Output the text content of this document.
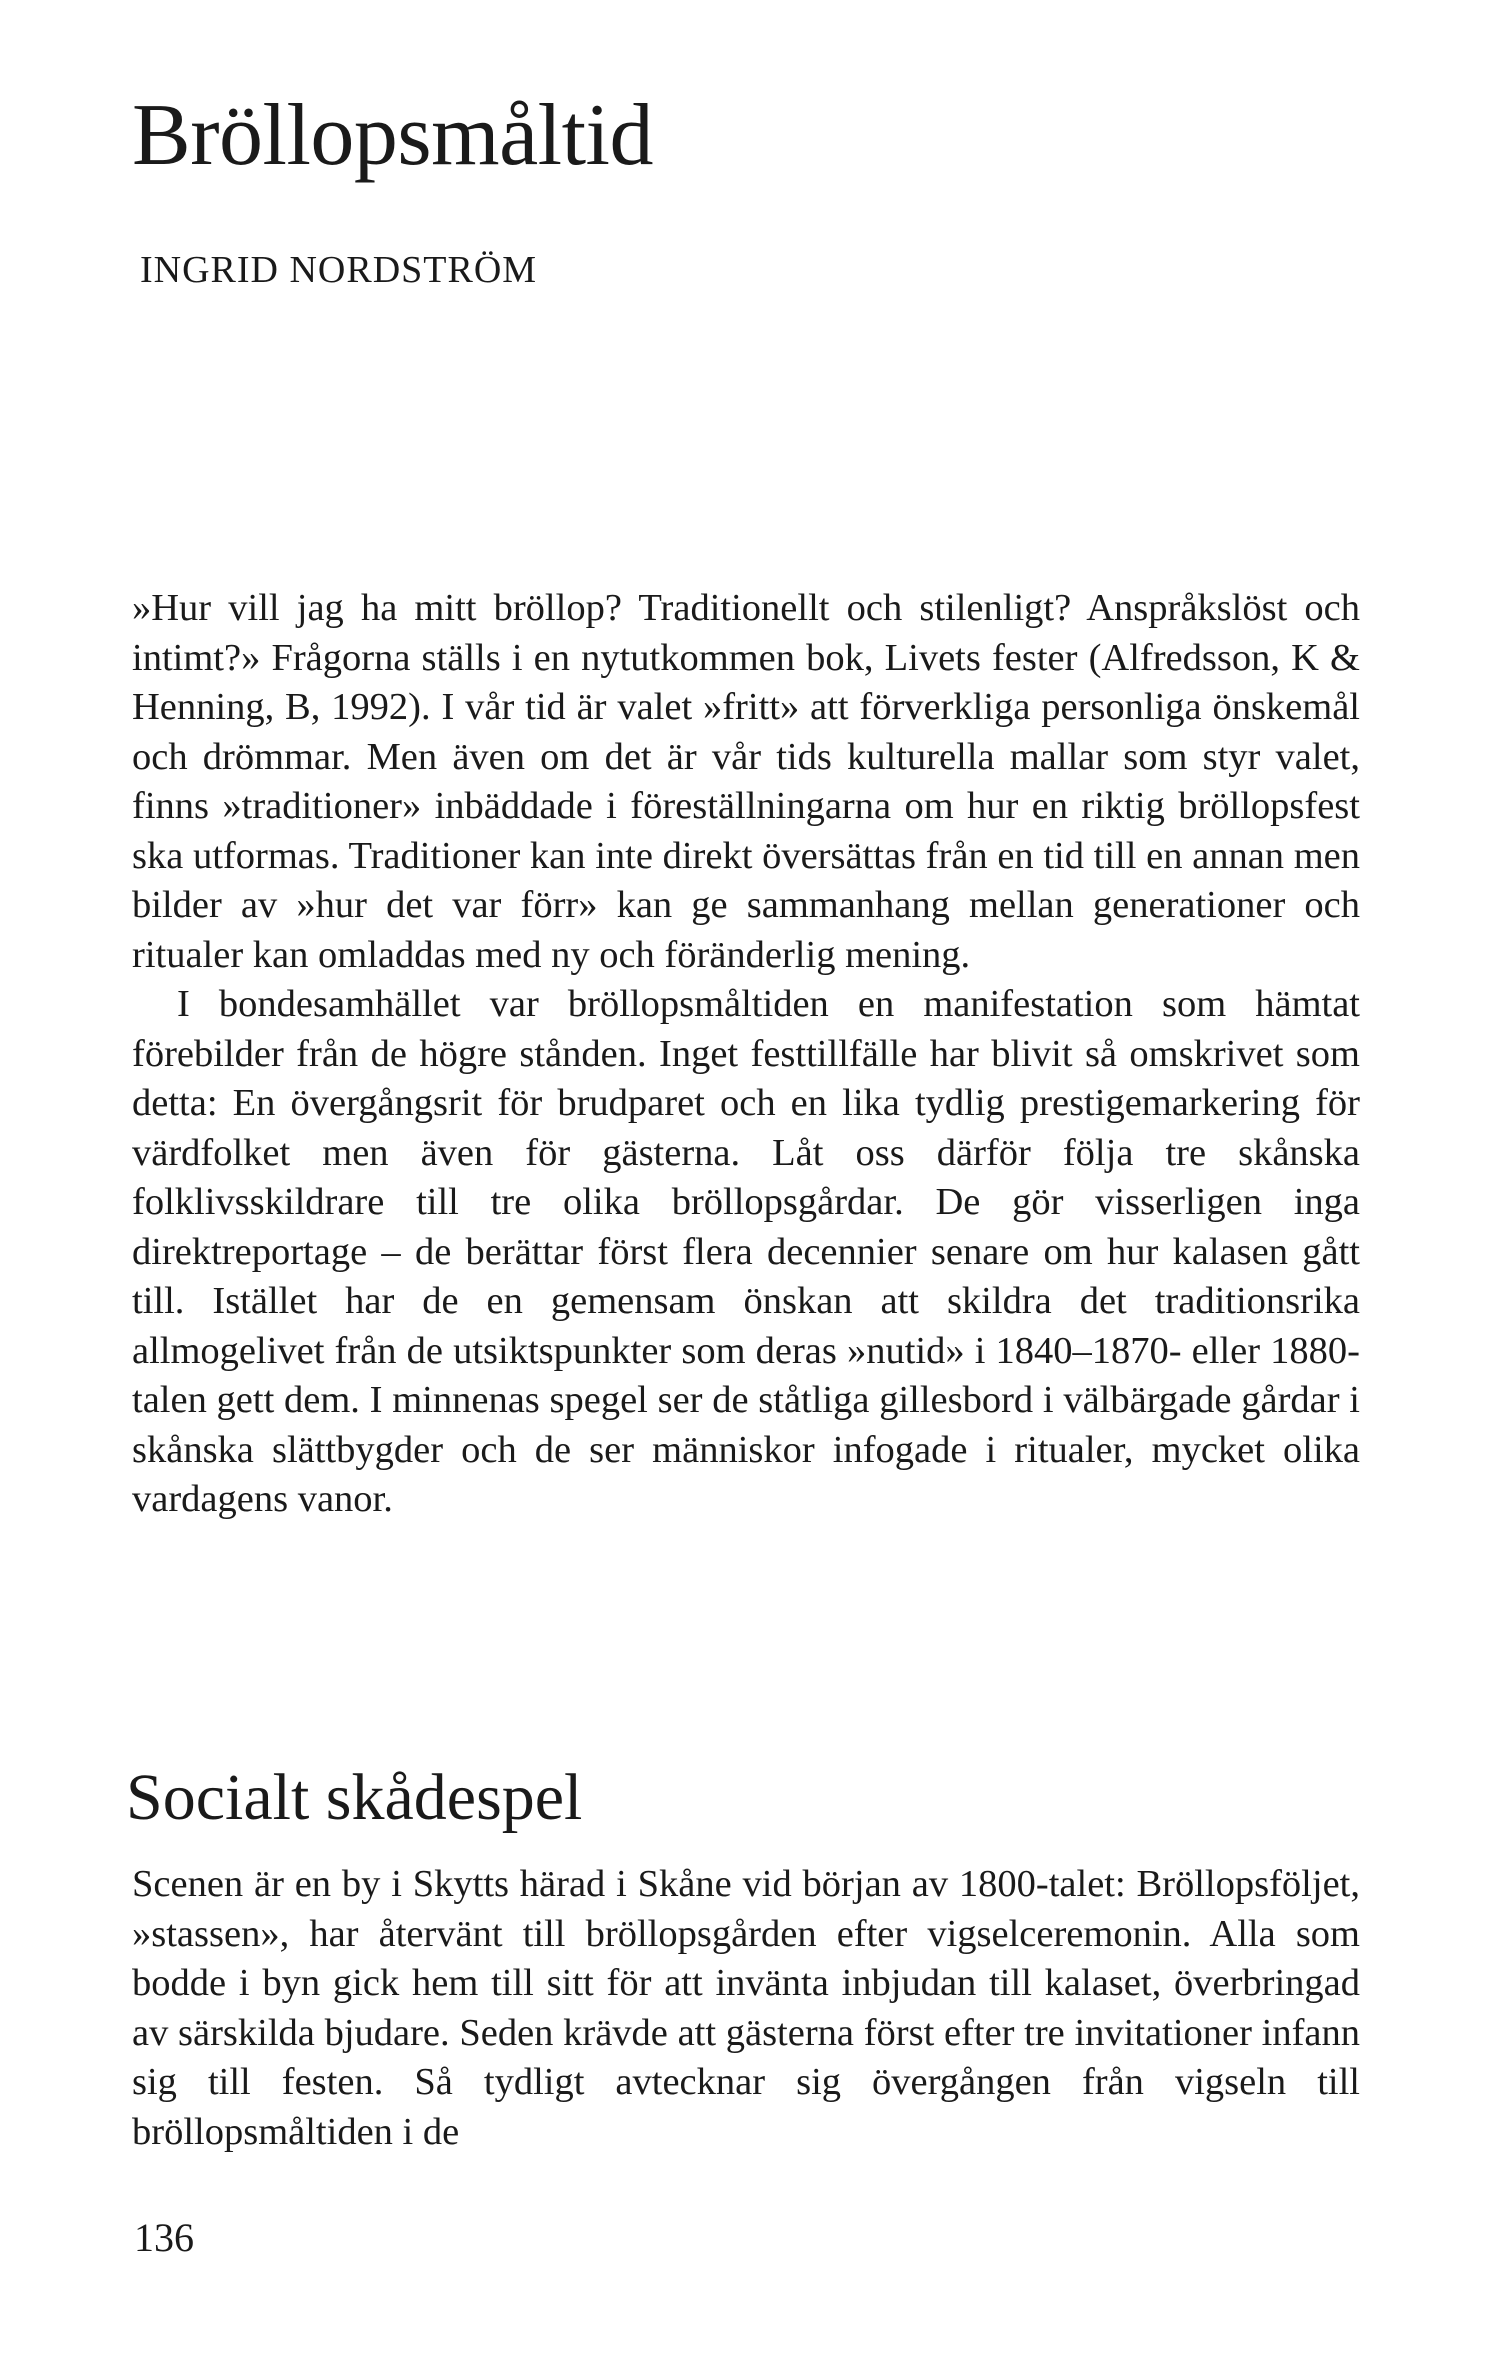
Bröllopsmåltid
INGRID NORDSTRÖM

»Hur vill jag ha mitt bröllop? Traditionellt och stilenligt? Anspråkslöst och intimt?» Frågorna ställs i en nytutkommen bok, Livets fester (Alfredsson, K & Henning, B, 1992). I vår tid är valet »fritt» att förverkliga personliga önskemål och drömmar. Men även om det är vår tids kulturella mallar som styr valet, finns »traditioner» inbäddade i föreställningarna om hur en riktig bröllopsfest ska utformas. Traditioner kan inte direkt översättas från en tid till en annan men bilder av »hur det var förr» kan ge sammanhang mellan generationer och ritualer kan omladdas med ny och föränderlig mening.

I bondesamhället var bröllopsmåltiden en manifestation som hämtat förebilder från de högre stånden. Inget festtillfälle har blivit så omskrivet som detta: En övergångsrit för brudparet och en lika tydlig prestigemarkering för värdfolket men även för gästerna. Låt oss därför följa tre skånska folklivsskildrare till tre olika bröllopsgårdar. De gör visserligen inga direktreportage – de berättar först flera decennier senare om hur kalasen gått till. Istället har de en gemensam önskan att skildra det traditionsrika allmogelivet från de utsiktspunkter som deras »nutid» i 1840–1870- eller 1880-talen gett dem. I minnenas spegel ser de ståtliga gillesbord i välbärgade gårdar i skånska slättbygder och de ser människor infogade i ritualer, mycket olika vardagens vanor.

Socialt skådespel

Scenen är en by i Skytts härad i Skåne vid början av 1800-talet: Bröllopsföljet, »stassen», har återvänt till bröllopsgården efter vigselceremonin. Alla som bodde i byn gick hem till sitt för att invänta inbjudan till kalaset, överbringad av särskilda bjudare. Seden krävde att gästerna först efter tre invitationer infann sig till festen. Så tydligt avtecknar sig övergången från vigseln till bröllopsmåltiden i de

136
